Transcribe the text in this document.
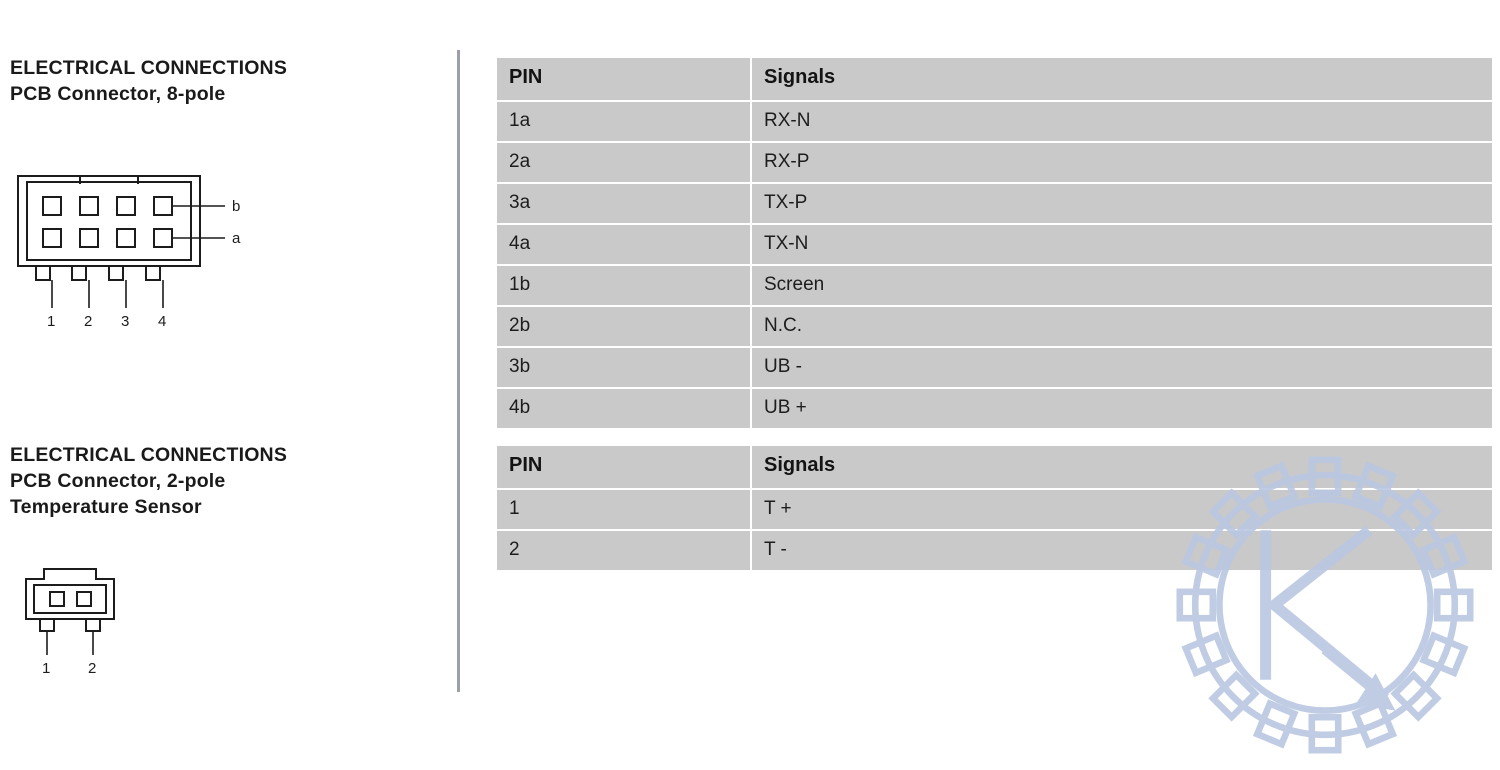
ELECTRICAL CONNECTIONS
PCB Connector, 8-pole
b
a
1 2 3 4
ELECTRICAL CONNECTIONS
PCB Connector, 2-pole
Temperature Sensor
1	2
PIN	Signals
1a	RX-N
2a	RX-P
3a	TX-P
4a	TX-N
1b	Screen
2b	N.C.
3b	UB -
4b	UB +
PIN	Signals
1	T +
2	T -
